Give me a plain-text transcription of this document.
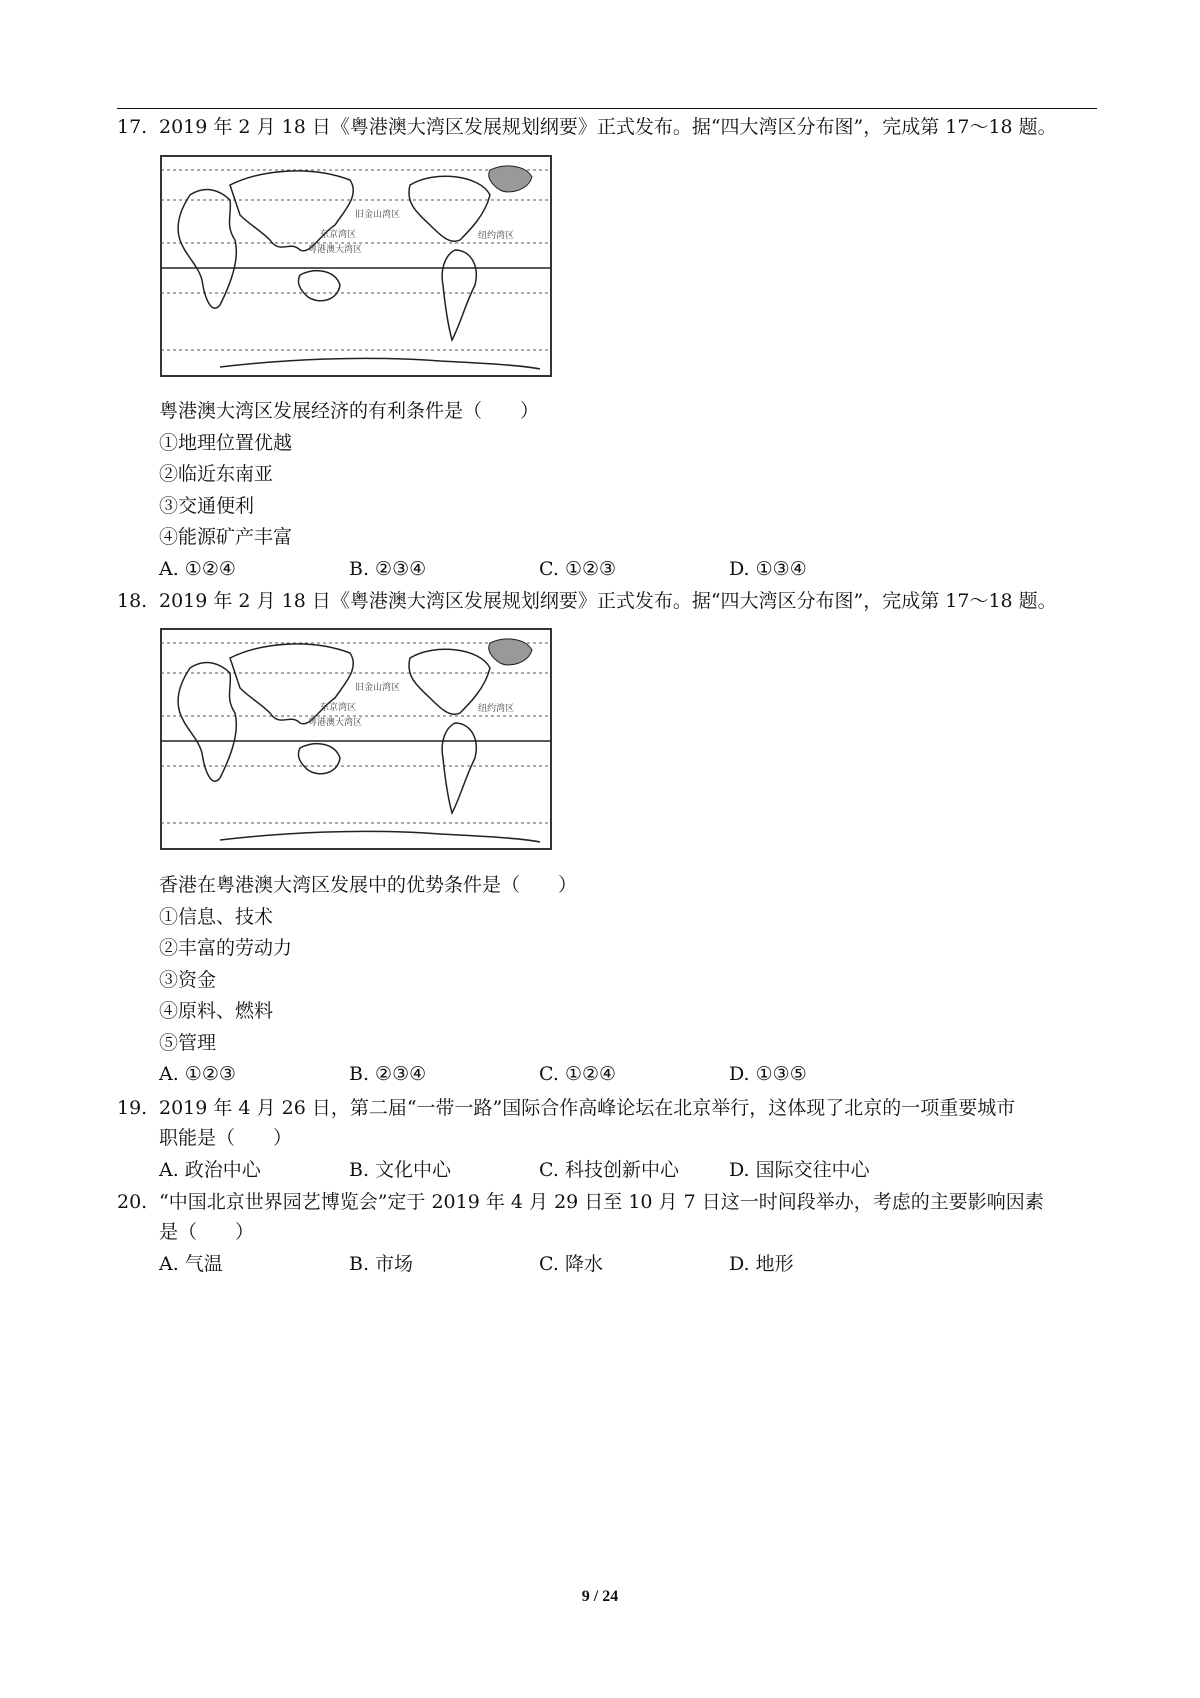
17. 2019 年 2 月 18 日《粤港澳大湾区发展规划纲要》正式发布。据“四大湾区分布图”，完成第 17～18 题。
旧金山湾区
东京湾区
粤港澳大湾区
纽约湾区
粤港澳大湾区发展经济的有利条件是（　　）
①地理位置优越
②临近东南亚
③交通便利
④能源矿产丰富
A. ①②④	B. ②③④	C. ①②③	D. ①③④
18. 2019 年 2 月 18 日《粤港澳大湾区发展规划纲要》正式发布。据“四大湾区分布图”，完成第 17～18 题。
旧金山湾区
东京湾区
粤港澳大湾区
纽约湾区
香港在粤港澳大湾区发展中的优势条件是（　　）
①信息、技术
②丰富的劳动力
③资金
④原料、燃料
⑤管理
A. ①②③	B. ②③④	C. ①②④	D. ①③⑤
19. 2019 年 4 月 26 日，第二届“一带一路”国际合作高峰论坛在北京举行，这体现了北京的一项重要城市
职能是（　　）
A. 政治中心	B. 文化中心	C. 科技创新中心	D. 国际交往中心
20. “中国北京世界园艺博览会”定于 2019 年 4 月 29 日至 10 月 7 日这一时间段举办，考虑的主要影响因素
是（　　）
A. 气温	B. 市场	C. 降水	D. 地形
9 / 24
